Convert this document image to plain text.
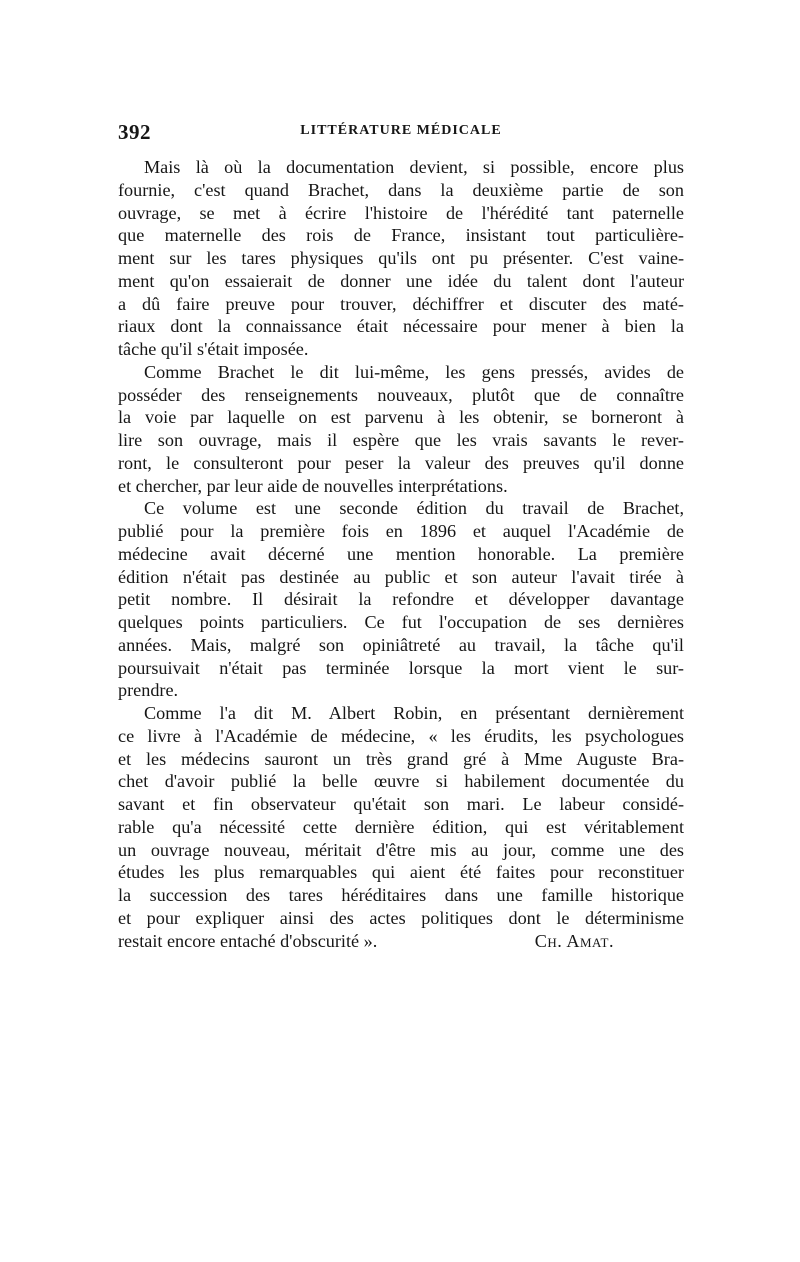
392	LITTÉRATURE MÉDICALE
Mais là où la documentation devient, si possible, encore plus
fournie, c'est quand Brachet, dans la deuxième partie de son
ouvrage, se met à écrire l'histoire de l'hérédité tant paternelle
que maternelle des rois de France, insistant tout particulière-
ment sur les tares physiques qu'ils ont pu présenter. C'est vaine-
ment qu'on essaierait de donner une idée du talent dont l'auteur
a dû faire preuve pour trouver, déchiffrer et discuter des maté-
riaux dont la connaissance était nécessaire pour mener à bien la
tâche qu'il s'était imposée.
Comme Brachet le dit lui-même, les gens pressés, avides de
posséder des renseignements nouveaux, plutôt que de connaître
la voie par laquelle on est parvenu à les obtenir, se borneront à
lire son ouvrage, mais il espère que les vrais savants le rever-
ront, le consulteront pour peser la valeur des preuves qu'il donne
et chercher, par leur aide de nouvelles interprétations.
Ce volume est une seconde édition du travail de Brachet,
publié pour la première fois en 1896 et auquel l'Académie de
médecine avait décerné une mention honorable. La première
édition n'était pas destinée au public et son auteur l'avait tirée à
petit nombre. Il désirait la refondre et développer davantage
quelques points particuliers. Ce fut l'occupation de ses dernières
années. Mais, malgré son opiniâtreté au travail, la tâche qu'il
poursuivait n'était pas terminée lorsque la mort vient le sur-
prendre.
Comme l'a dit M. Albert Robin, en présentant dernièrement
ce livre à l'Académie de médecine, « les érudits, les psychologues
et les médecins sauront un très grand gré à Mme Auguste Bra-
chet d'avoir publié la belle œuvre si habilement documentée du
savant et fin observateur qu'était son mari. Le labeur considé-
rable qu'a nécessité cette dernière édition, qui est véritablement
un ouvrage nouveau, méritait d'être mis au jour, comme une des
études les plus remarquables qui aient été faites pour reconstituer
la succession des tares héréditaires dans une famille historique
et pour expliquer ainsi des actes politiques dont le déterminisme
restait encore entaché d'obscurité ».	Ch. Amat.
